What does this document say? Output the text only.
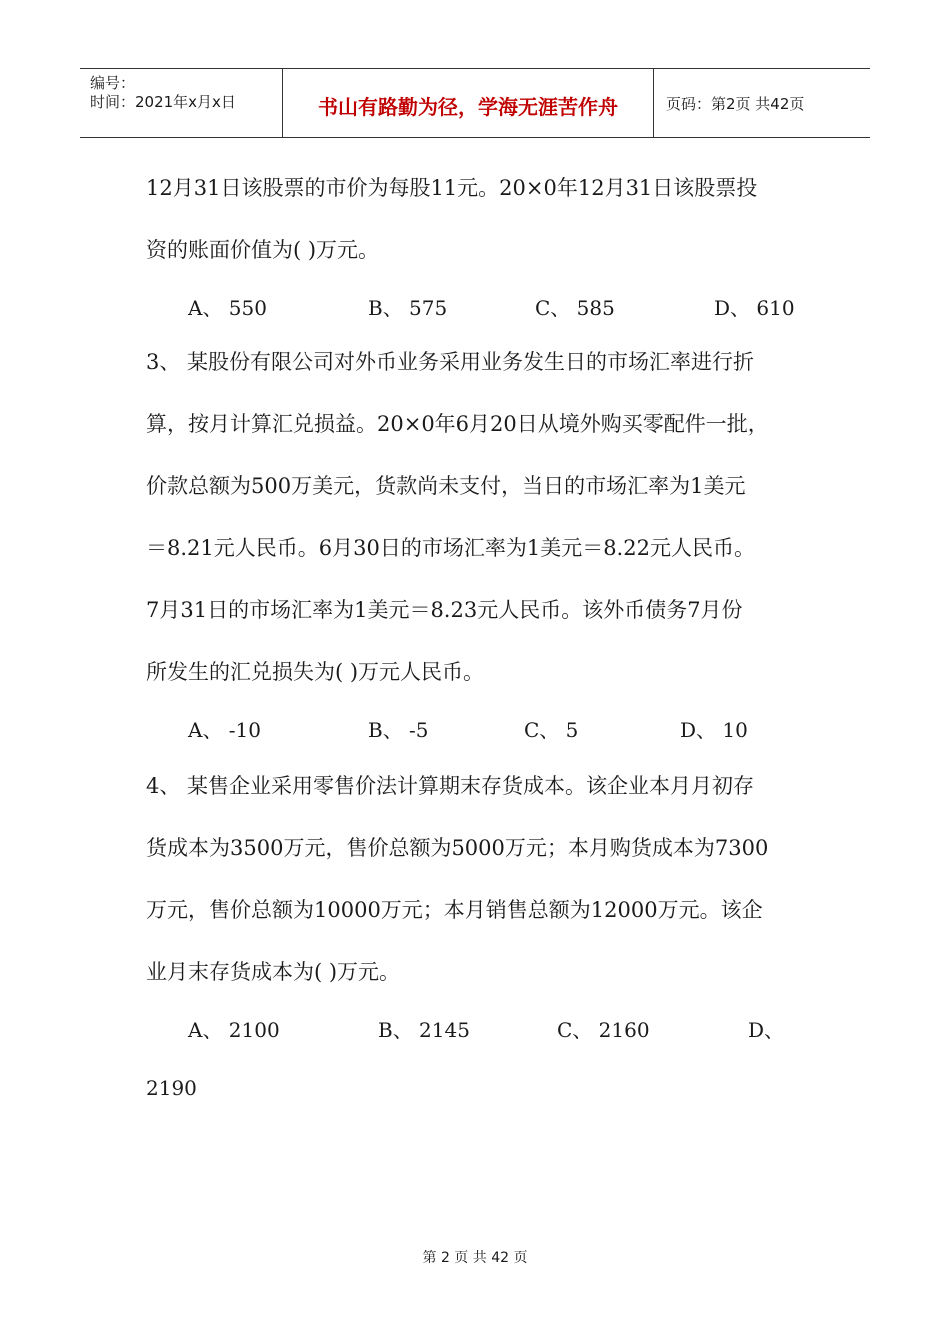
编号：
时间：2021年x月x日	书山有路勤为径，学海无涯苦作舟	页码：第2页 共42页
12月31日该股票的市价为每股11元。20×0年12月31日该股票投
资的账面价值为( )万元。
A、 550	B、 575	C、 585	D、 610
3、 某股份有限公司对外币业务采用业务发生日的市场汇率进行折
算，按月计算汇兑损益。20×0年6月20日从境外购买零配件一批，
价款总额为500万美元，货款尚未支付，当日的市场汇率为1美元
＝8.21元人民币。6月30日的市场汇率为1美元＝8.22元人民币。
7月31日的市场汇率为1美元＝8.23元人民币。该外币债务7月份
所发生的汇兑损失为( )万元人民币。
A、 -10	B、 -5	C、 5	D、 10
4、 某售企业采用零售价法计算期末存货成本。该企业本月月初存
货成本为3500万元，售价总额为5000万元；本月购货成本为7300
万元，售价总额为10000万元；本月销售总额为12000万元。该企
业月末存货成本为( )万元。
A、 2100	B、 2145	C、 2160	D、
2190
第 2 页 共 42 页
